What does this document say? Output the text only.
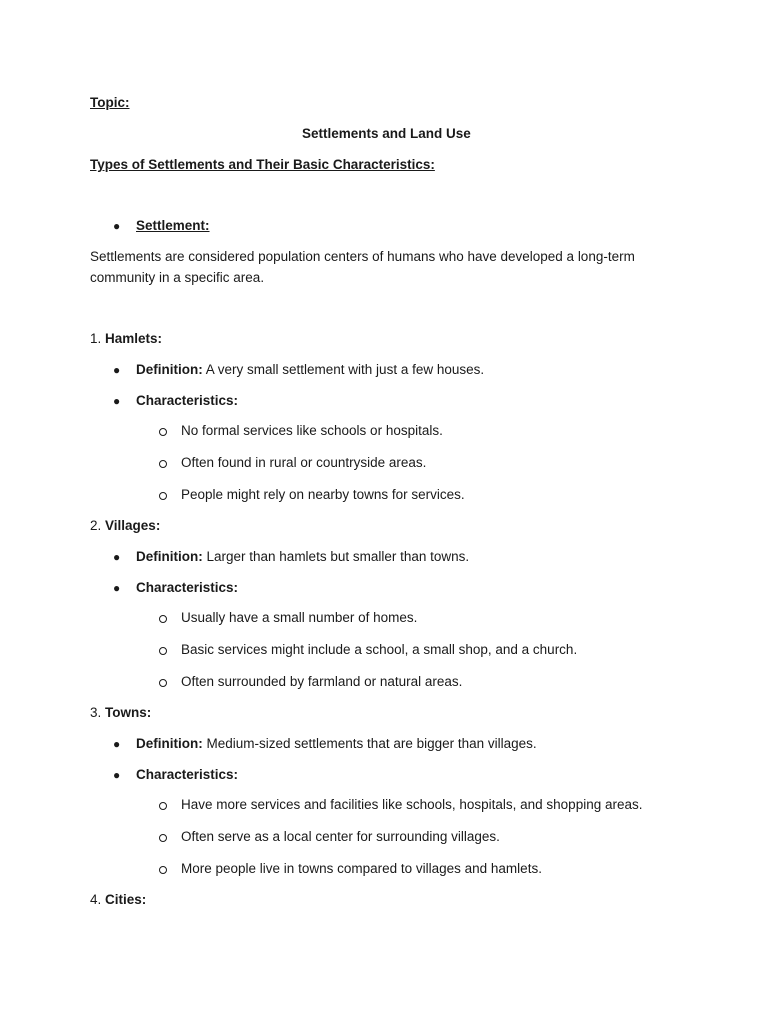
Topic:
Settlements and Land Use
Types of Settlements and Their Basic Characteristics:
● Settlement:
Settlements are considered population centers of humans who have developed a long-term
community in a specific area.
1. Hamlets:
● Definition: A very small settlement with just a few houses.
● Characteristics:
No formal services like schools or hospitals.
Often found in rural or countryside areas.
People might rely on nearby towns for services.
2. Villages:
● Definition: Larger than hamlets but smaller than towns.
● Characteristics:
Usually have a small number of homes.
Basic services might include a school, a small shop, and a church.
Often surrounded by farmland or natural areas.
3. Towns:
● Definition: Medium-sized settlements that are bigger than villages.
● Characteristics:
Have more services and facilities like schools, hospitals, and shopping areas.
Often serve as a local center for surrounding villages.
More people live in towns compared to villages and hamlets.
4. Cities:
